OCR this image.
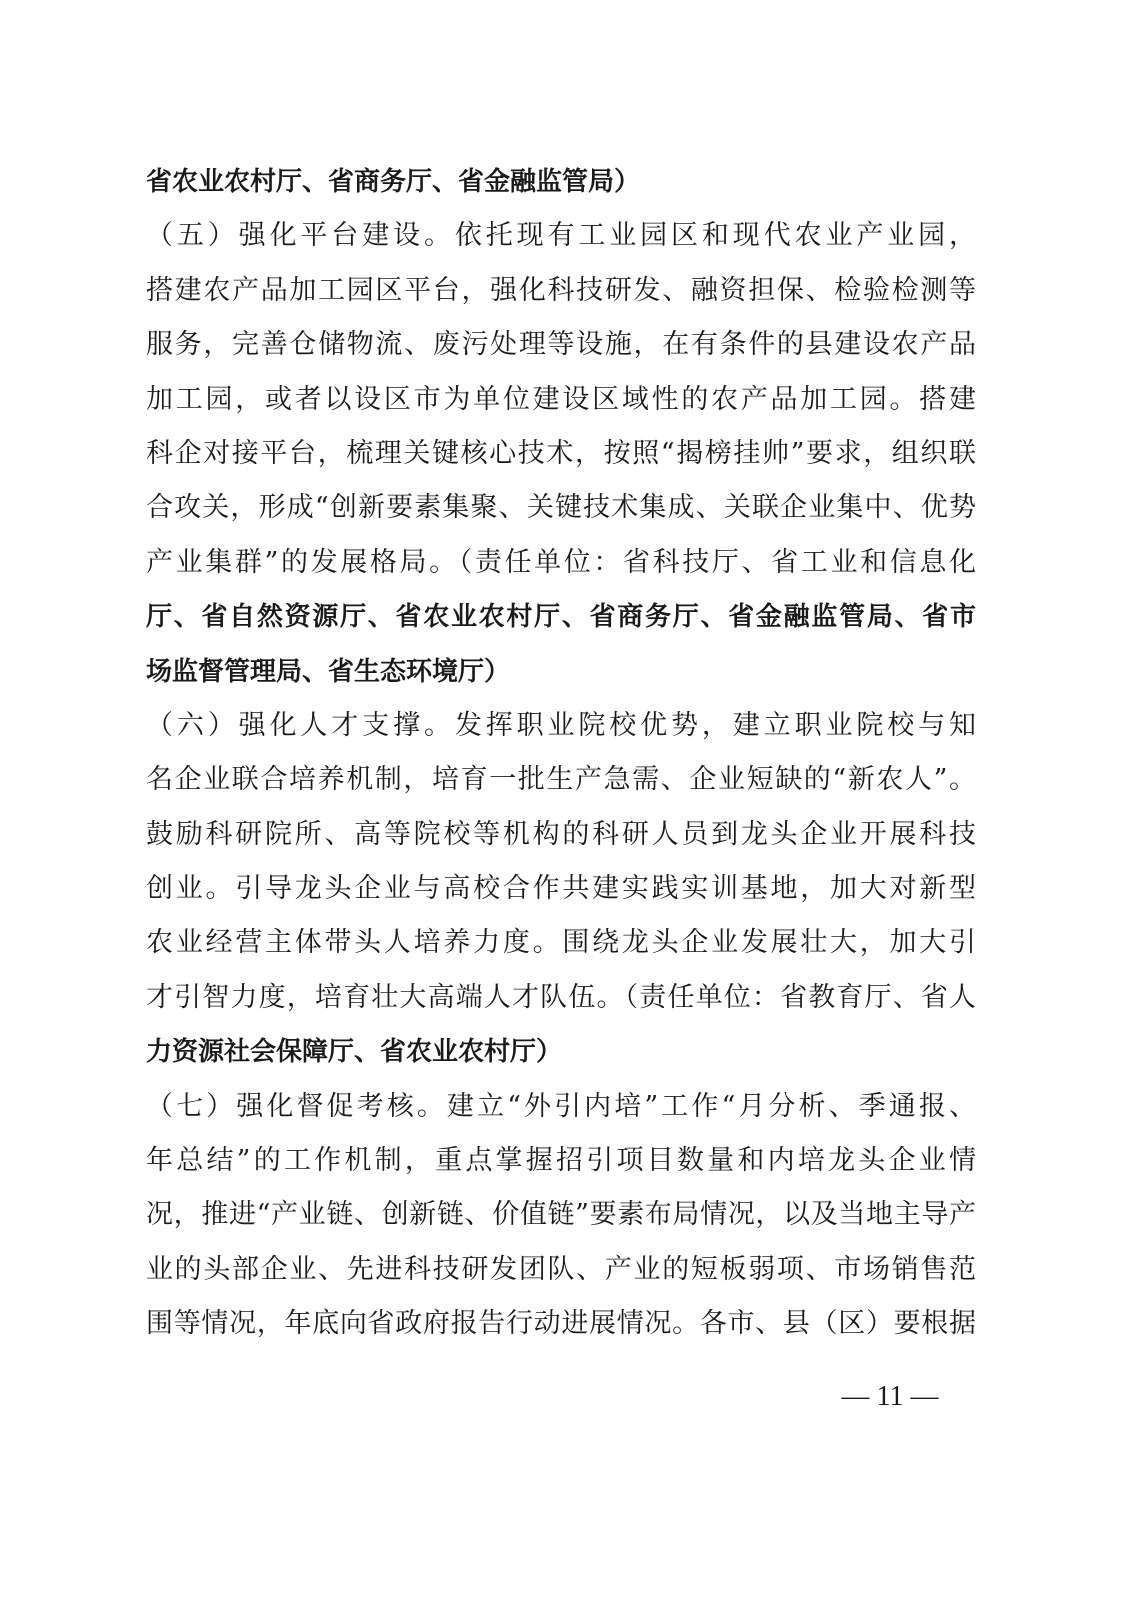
省农业农村厅、省商务厅、省金融监管局）
（五）强化平台建设。依托现有工业园区和现代农业产业园，
搭建农产品加工园区平台，强化科技研发、融资担保、检验检测等
服务，完善仓储物流、废污处理等设施，在有条件的县建设农产品
加工园，或者以设区市为单位建设区域性的农产品加工园。搭建
科企对接平台，梳理关键核心技术，按照“揭榜挂帅”要求，组织联
合攻关，形成“创新要素集聚、关键技术集成、关联企业集中、优势
产业集群”的发展格局。（责任单位：省科技厅、省工业和信息化
厅、省自然资源厅、省农业农村厅、省商务厅、省金融监管局、省市
场监督管理局、省生态环境厅）
（六）强化人才支撑。发挥职业院校优势，建立职业院校与知
名企业联合培养机制，培育一批生产急需、企业短缺的“新农人”。
鼓励科研院所、高等院校等机构的科研人员到龙头企业开展科技
创业。引导龙头企业与高校合作共建实践实训基地，加大对新型
农业经营主体带头人培养力度。围绕龙头企业发展壮大，加大引
才引智力度，培育壮大高端人才队伍。（责任单位：省教育厅、省人
力资源社会保障厅、省农业农村厅）
（七）强化督促考核。建立“外引内培”工作“月分析、季通报、
年总结”的工作机制，重点掌握招引项目数量和内培龙头企业情
况，推进“产业链、创新链、价值链”要素布局情况，以及当地主导产
业的头部企业、先进科技研发团队、产业的短板弱项、市场销售范
围等情况，年底向省政府报告行动进展情况。各市、县（区）要根据
— 11 —
